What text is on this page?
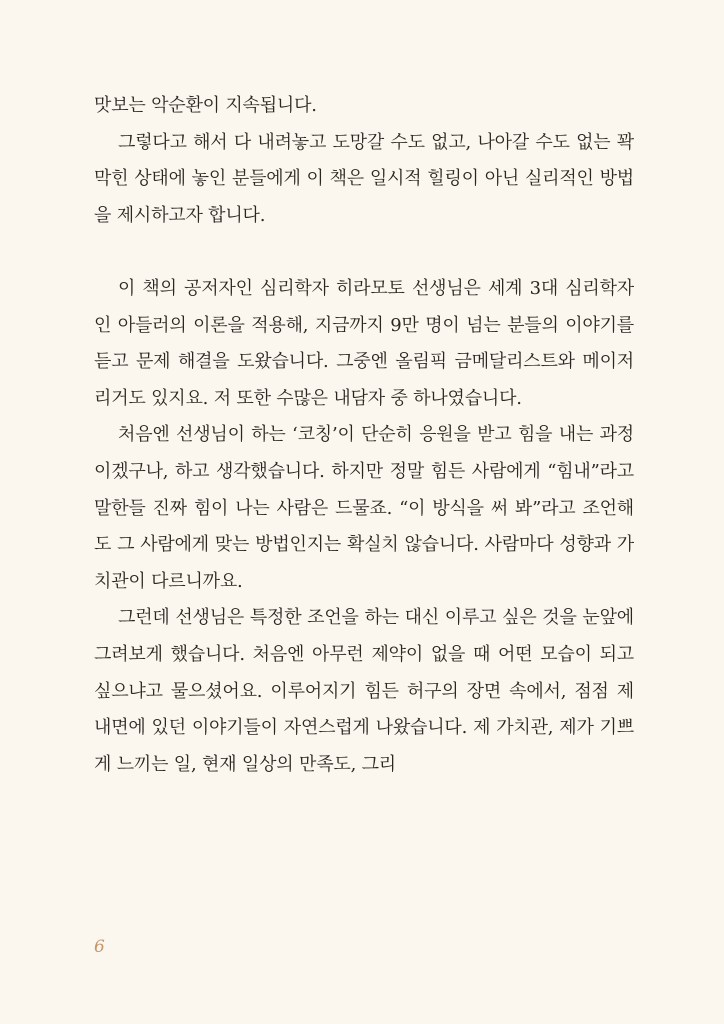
맛보는 악순환이 지속됩니다.

그렇다고 해서 다 내려놓고 도망갈 수도 없고, 나아갈 수도 없는 꽉 막힌 상태에 놓인 분들에게 이 책은 일시적 힐링이 아닌 실리적인 방법을 제시하고자 합니다.

이 책의 공저자인 심리학자 히라모토 선생님은 세계 3대 심리학자인 아들러의 이론을 적용해, 지금까지 9만 명이 넘는 분들의 이야기를 듣고 문제 해결을 도왔습니다. 그중엔 올림픽 금메달리스트와 메이저리거도 있지요. 저 또한 수많은 내담자 중 하나였습니다.

처음엔 선생님이 하는 ‘코칭’이 단순히 응원을 받고 힘을 내는 과정이겠구나, 하고 생각했습니다. 하지만 정말 힘든 사람에게 “힘내”라고 말한들 진짜 힘이 나는 사람은 드물죠. “이 방식을 써 봐”라고 조언해도 그 사람에게 맞는 방법인지는 확실치 않습니다. 사람마다 성향과 가치관이 다르니까요.

그런데 선생님은 특정한 조언을 하는 대신 이루고 싶은 것을 눈앞에 그려보게 했습니다. 처음엔 아무런 제약이 없을 때 어떤 모습이 되고 싶으냐고 물으셨어요. 이루어지기 힘든 허구의 장면 속에서, 점점 제 내면에 있던 이야기들이 자연스럽게 나왔습니다. 제 가치관, 제가 기쁘게 느끼는 일, 현재 일상의 만족도, 그리

6
